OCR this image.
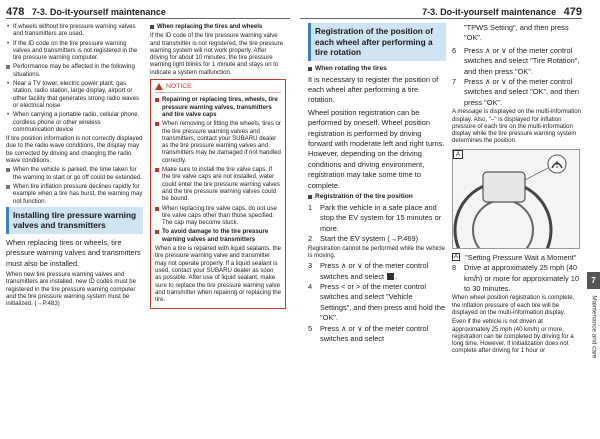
478 7-3. Do-it-yourself maintenance

• If wheels without tire pressure warning valves and transmitters are used.

• If the ID code on the tire pressure warning valves and transmitters is not registered in the tire pressure warning computer.

Performance may be affected in the following situations.

• Near a TV tower, electric power plant, gas station, radio station, large display, airport or other facility that generates strong radio waves or electrical noise

• When carrying a portable radio, cellular phone, cordless phone or other wireless communication device

If tire position information is not correctly displayed due to the radio wave conditions, the display may be corrected by driving and changing the radio wave conditions.

When the vehicle is parked, the time taken for the warning to start or go off could be extended.

When tire inflation pressure declines rapidly for example when a tire has burst, the warning may not function.

Installing tire pressure warning valves and transmitters

When replacing tires or wheels, tire pressure warning valves and transmitters must also be installed.

When new tire pressure warning valves and transmitters are installed, new ID codes must be registered in the tire pressure warning computer and the tire pressure warning system must be initialized. (→P.483)

When replacing the tires and wheels

If the ID code of the tire pressure warning valve and transmitter is not registered, the tire pressure warning system will not work properly. After driving for about 10 minutes, the tire pressure warning light blinks for 1 minute and stays on to indicate a system malfunction.

NOTICE

Repairing or replacing tires, wheels, tire pressure warning valves, transmitters and tire valve caps

When removing or fitting the wheels, tires or the tire pressure warning valves and transmitters, contact your SUBARU dealer as the tire pressure warning valves and transmitters may be damaged if not handled correctly.

Make sure to install the tire valve caps. If the tire valve caps are not installed, water could enter the tire pressure warning valves and the tire pressure warning valves could be bound.

When replacing tire valve caps, do not use tire valve caps other than those specified. The cap may become stuck.

To avoid damage to the tire pressure warning valves and transmitters

When a tire is repaired with liquid sealants, the tire pressure warning valve and transmitter may not operate properly. If a liquid sealant is used, contact your SUBARU dealer as soon as possible. After use of liquid sealant, make sure to replace the tire pressure warning valve and transmitter when repairing or replacing the tire.

7-3. Do-it-yourself maintenance 479
Registration of the position of each wheel after performing a tire rotation

When rotating the tires

It is necessary to register the position of each wheel after performing a tire rotation.

Wheel position registration can be performed by oneself. Wheel position registration is performed by driving forward with moderate left and right turns. However, depending on the driving conditions and driving environment, registration may take some time to complete.

Registration of the tire position

1	Park the vehicle in a safe place and stop the EV system for 15 minutes or more.
2	Start the EV system (→P.469)

Registration cannot be performed while the vehicle is moving.

3	Press ∧ or ∨ of the meter control switches and select .
4	Press < or > of the meter control switches and select "Vehicle Settings", and then press and hold the "OK".
5	Press ∧ or ∨ of the meter control switches and select

"TPWS Setting", and then press "OK".

6	Press ∧ or ∨ of the meter control switches and select "Tire Rotation", and then press "OK".
7	Press ∧ or ∨ of the meter control switches and select "OK", and then press "OK".

A message is displayed on the multi-information display. Also, "–" is displayed for inflation pressure of each tire on the multi-information display while the tire pressure warning system determines the position.

A
A "Setting Pressure Wait a Moment"
8	Drive at approximately 25 mph (40 km/h) or more for approximately 10 to 30 minutes.

When wheel position registration is complete, the inflation pressure of each tire will be displayed on the multi-information display.

Even if the vehicle is not driven at approximately 25 mph (40 km/h) or more, registration can be completed by driving for a long time. However, if initialization does not complete after driving for 1 hour or

7
Maintenance and care
